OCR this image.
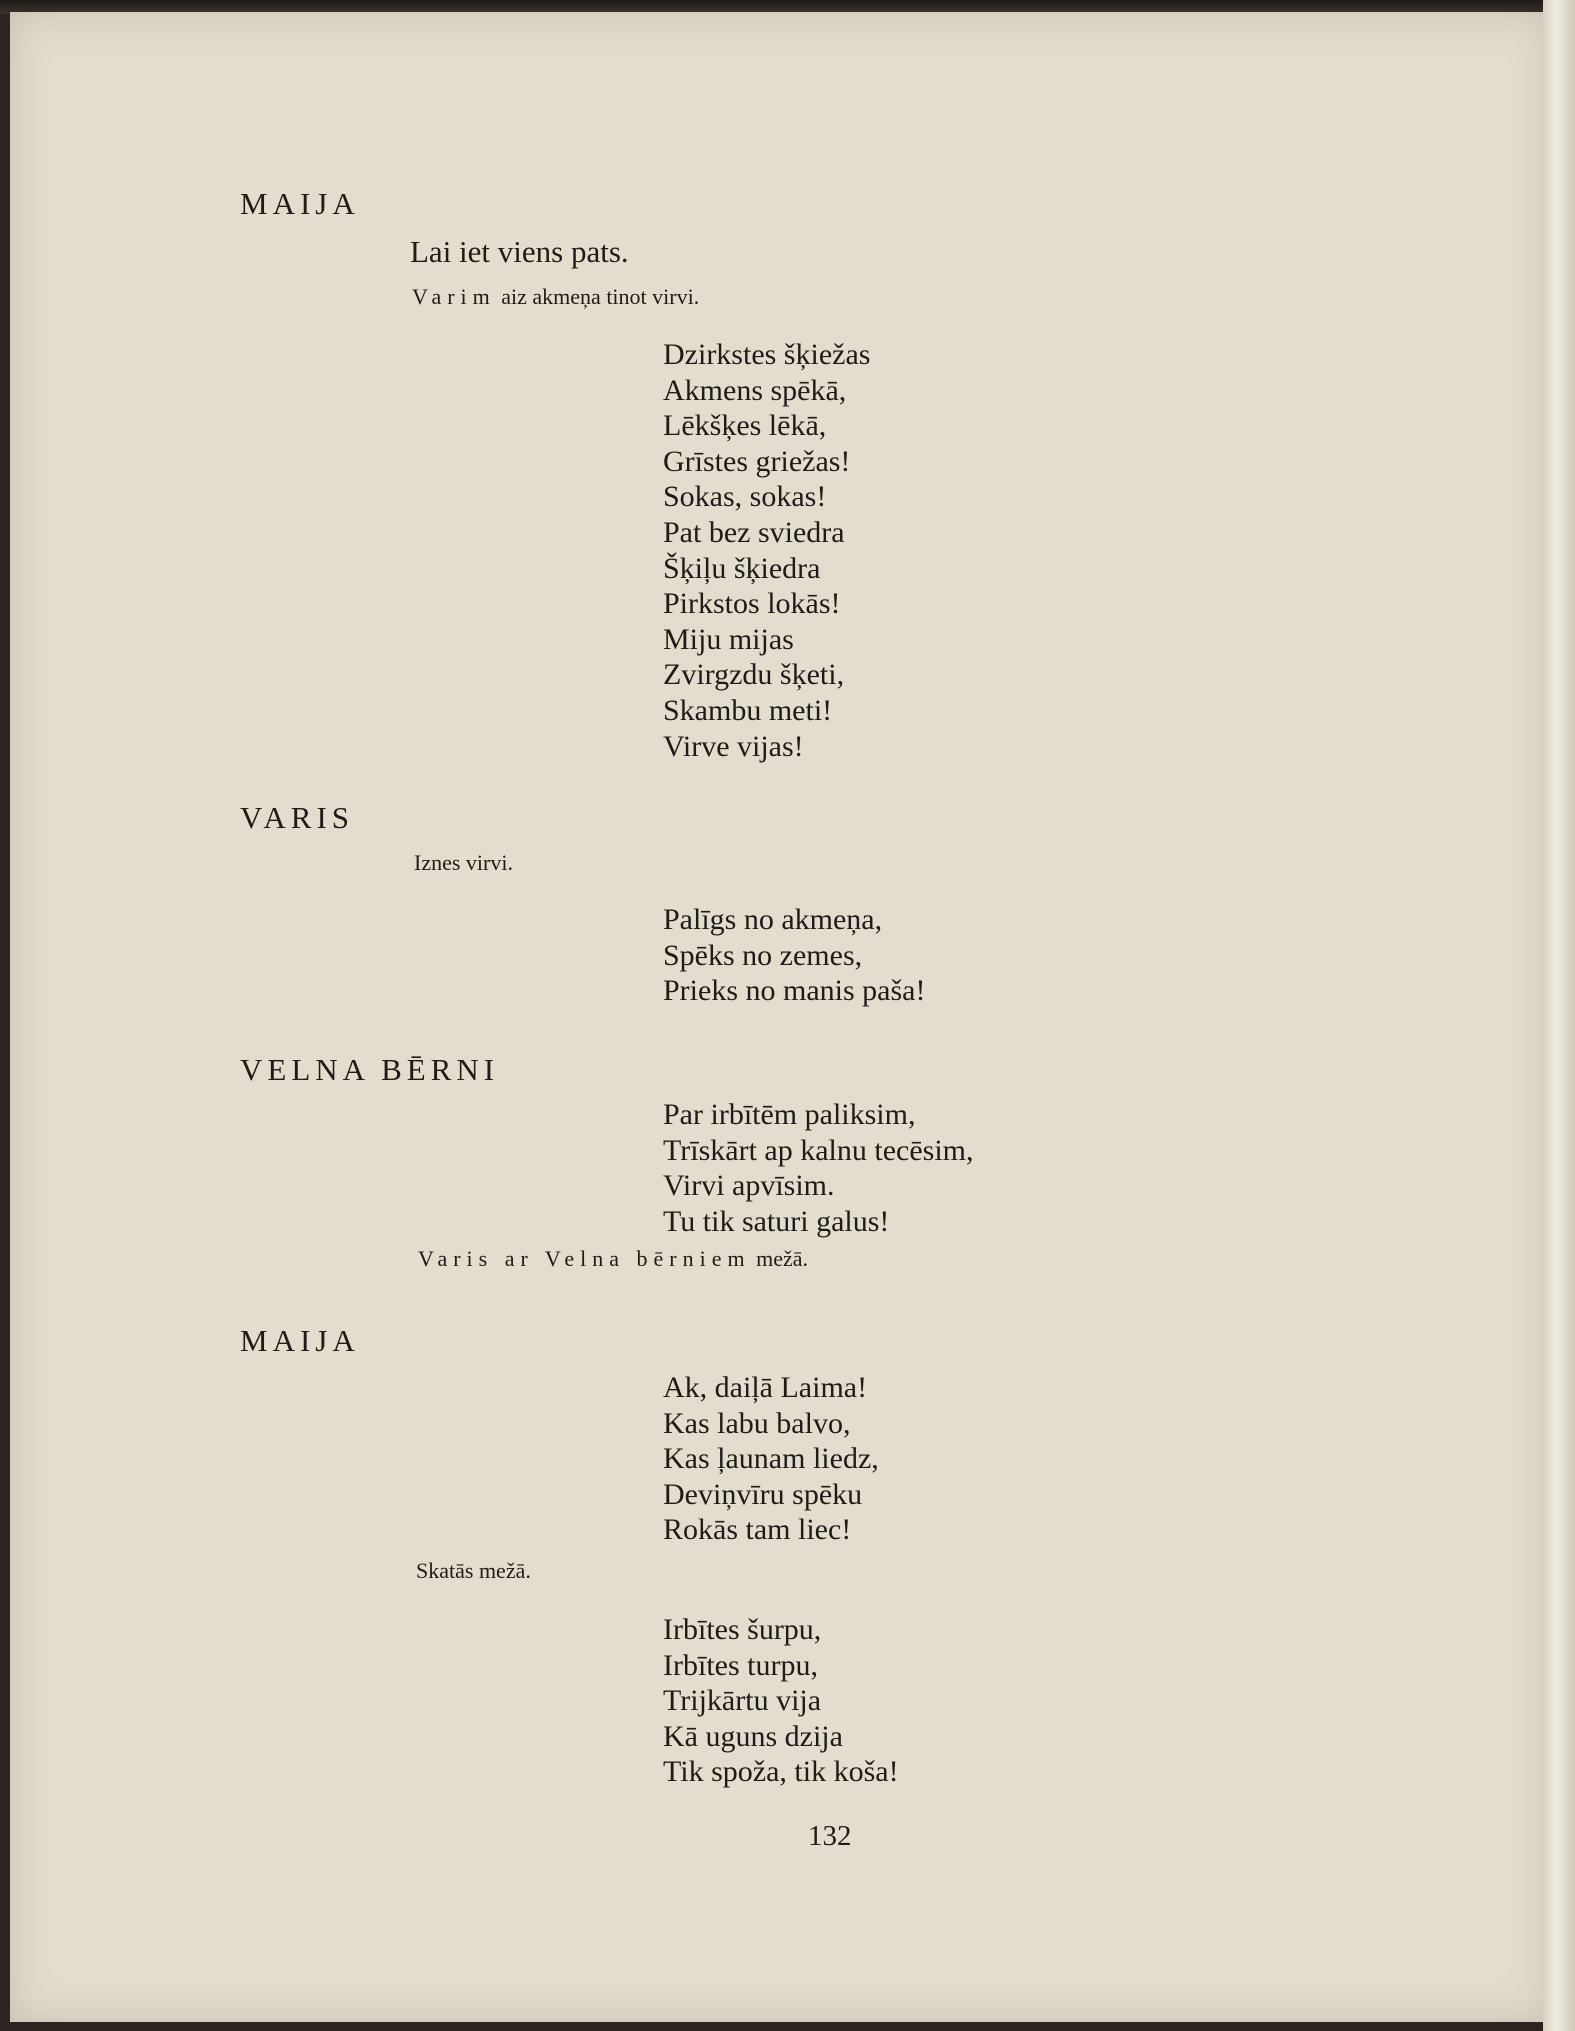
MAIJA
Lai iet viens pats.
Varim aiz akmeņa tinot virvi.
Dzirkstes šķiežas
Akmens spēkā,
Lēkšķes lēkā,
Grīstes griežas!
Sokas, sokas!
Pat bez sviedra
Šķiļu šķiedra
Pirkstos lokās!
Miju mijas
Zvirgzdu šķeti,
Skambu meti!
Virve vijas!
VARIS
Iznes virvi.
Palīgs no akmeņa,
Spēks no zemes,
Prieks no manis paša!
VELNA BĒRNI
Par irbītēm paliksim,
Trīskārt ap kalnu tecēsim,
Virvi apvīsim.
Tu tik saturi galus!
Varis ar Velna bērniem mežā.
MAIJA
Ak, daiļā Laima!
Kas labu balvo,
Kas ļaunam liedz,
Deviņvīru spēku
Rokās tam liec!
Skatās mežā.
Irbītes šurpu,
Irbītes turpu,
Trijkārtu vija
Kā uguns dzija
Tik spoža, tik koša!
132
